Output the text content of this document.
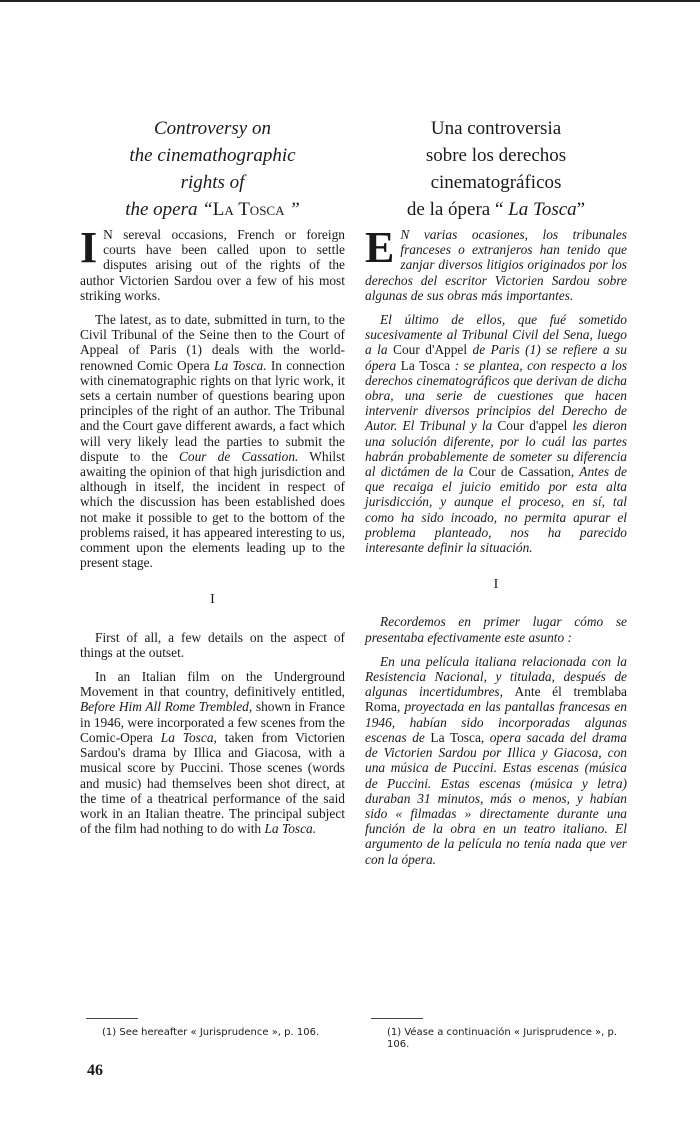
Controversy on
the cinemathographic
rights of
the opera “La Tosca ”

I N sereval occasions, French or foreign courts have been called upon to settle disputes arising out of the rights of the author Victorien Sardou over a few of his most striking works.

The latest, as to date, submitted in turn, to the Civil Tribunal of the Seine then to the Court of Appeal of Paris (1) deals with the world-renowned Comic Opera La Tosca. In connection with cinematographic rights on that lyric work, it sets a certain number of questions bearing upon principles of the right of an author. The Tribunal and the Court gave different awards, a fact which will very likely lead the parties to submit the dispute to the Cour de Cassation. Whilst awaiting the opinion of that high jurisdiction and although in itself, the incident in respect of which the discussion has been established does not make it possible to get to the bottom of the problems raised, it has appeared interesting to us, comment upon the elements leading up to the present stage.

I

First of all, a few details on the aspect of things at the outset.

In an Italian film on the Underground Movement in that country, definitively entitled, Before Him All Rome Trembled, shown in France in 1946, were incorporated a few scenes from the Comic-Opera La Tosca, taken from Victorien Sardou's drama by Illica and Giacosa, with a musical score by Puccini. Those scenes (words and music) had themselves been shot direct, at the time of a theatrical performance of the said work in an Italian theatre. The principal subject of the film had nothing to do with La Tosca.

Una controversia
sobre los derechos
cinematográficos
de la ópera “ La Tosca”

E N varias ocasiones, los tribunales franceses o extranjeros han tenido que zanjar diversos litigios originados por los derechos del escritor Victorien Sardou sobre algunas de sus obras más importantes.

El último de ellos, que fué sometido sucesivamente al Tribunal Civil del Sena, luego a la Cour d'Appel de Paris (1) se refiere a su ópera La Tosca : se plantea, con respecto a los derechos cinematográficos que derivan de dicha obra, una serie de cuestiones que hacen intervenir diversos principios del Derecho de Autor. El Tribunal y la Cour d'appel les dieron una solución diferente, por lo cuál las partes habrán probablemente de someter su diferencia al dictámen de la Cour de Cassation, Antes de que recaiga el juicio emitido por esta alta jurisdicción, y aunque el proceso, en sí, tal como ha sido incoado, no permita apurar el problema planteado, nos ha parecido interesante definir la situación.

I

Recordemos en primer lugar cómo se presentaba efectivamente este asunto :

En una película italiana relacionada con la Resistencia Nacional, y titulada, después de algunas incertidumbres, Ante él tremblaba Roma, proyectada en las pantallas francesas en 1946, habían sido incorporadas algunas escenas de La Tosca, opera sacada del drama de Victorien Sardou por Illica y Giacosa, con una música de Puccini. Estas escenas (música de Puccini. Estas escenas (música y letra) duraban 31 minutos, más o menos, y habían sido « filmadas » directamente durante una función de la obra en un teatro italiano. El argumento de la película no tenía nada que ver con la ópera.

(1) See hereafter « Jurisprudence », p. 106.	(1) Véase a continuación « Jurisprudence », p. 106.
46
